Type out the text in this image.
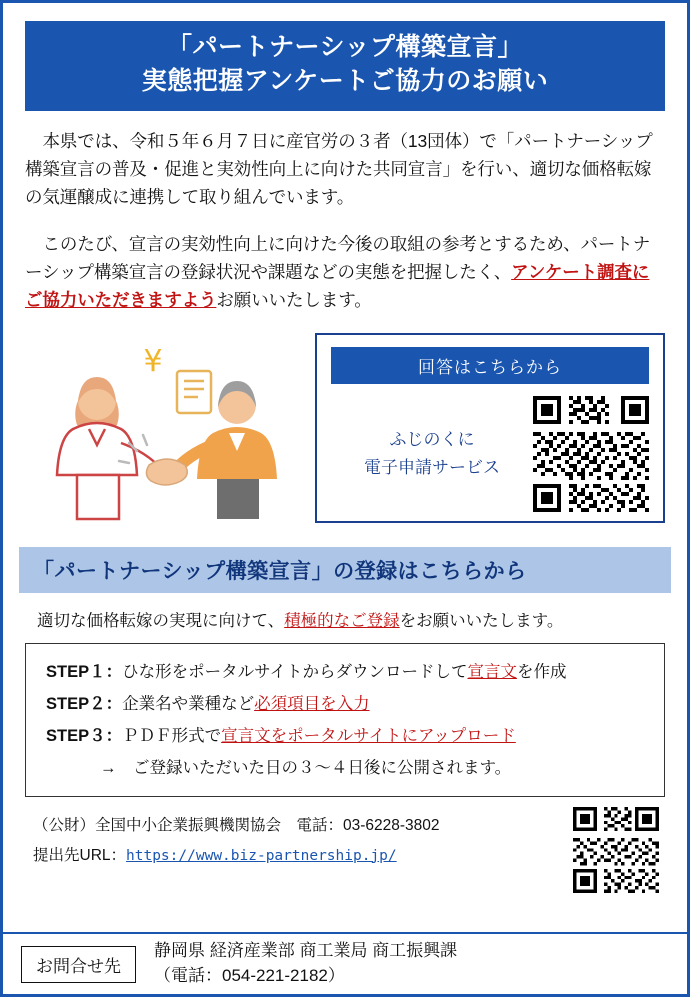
「パートナーシップ構築宣言」
実態把握アンケートご協力のお願い

本県では、令和５年６月７日に産官労の３者（13団体）で「パートナーシップ構築宣言の普及・促進と実効性向上に向けた共同宣言」を行い、適切な価格転嫁の気運醸成に連携して取り組んでいます。

このたび、宣言の実効性向上に向けた今後の取組の参考とするため、パートナーシップ構築宣言の登録状況や課題などの実態を把握したく、アンケート調査にご協力いただきますようお願いいたします。

¥	回答はこちらから
ふじのくに
電子申請サービス
「パートナーシップ構築宣言」の登録はこちらから
適切な価格転嫁の実現に向けて、積極的なご登録をお願いいたします。
STEP１：ひな形をポータルサイトからダウンロードして宣言文を作成
STEP２：企業名や業種など必須項目を入力
STEP３：ＰＤＦ形式で宣言文をポータルサイトにアップロード
→　ご登録いただいた日の３～４日後に公開されます。
（公財）全国中小企業振興機関協会　電話：03-6228-3802
提出先URL：https://www.biz-partnership.jp/
お問合せ先
静岡県 経済産業部 商工業局 商工振興課
（電話：054-221-2182）
